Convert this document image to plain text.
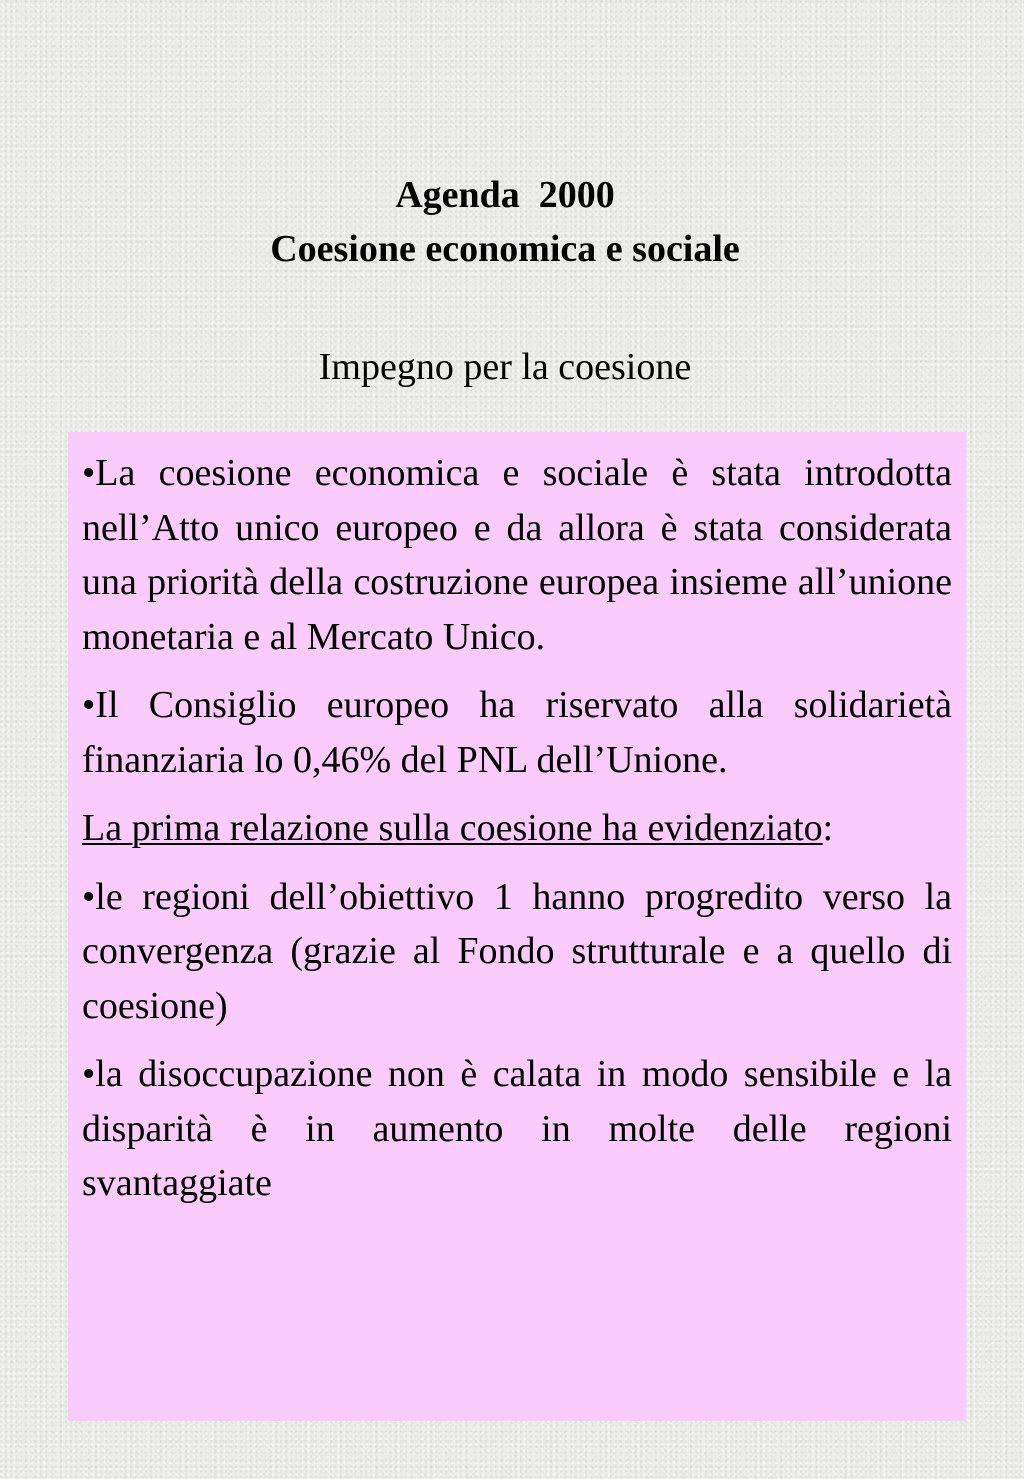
Agenda  2000
Coesione economica e sociale
Impegno per la coesione

•La coesione economica e sociale è stata introdotta nell’Atto unico europeo e da allora è stata considerata una priorità della costruzione europea insieme all’unione monetaria e al Mercato Unico.

•Il Consiglio europeo ha riservato alla solidarietà finanziaria lo 0,46% del PNL dell’Unione.

La prima relazione sulla coesione ha evidenziato:

•le regioni dell’obiettivo 1 hanno progredito verso la convergenza (grazie al Fondo strutturale e a quello di coesione)

•la disoccupazione non è calata in modo sensibile e la disparità è in aumento in molte delle regioni svantaggiate
